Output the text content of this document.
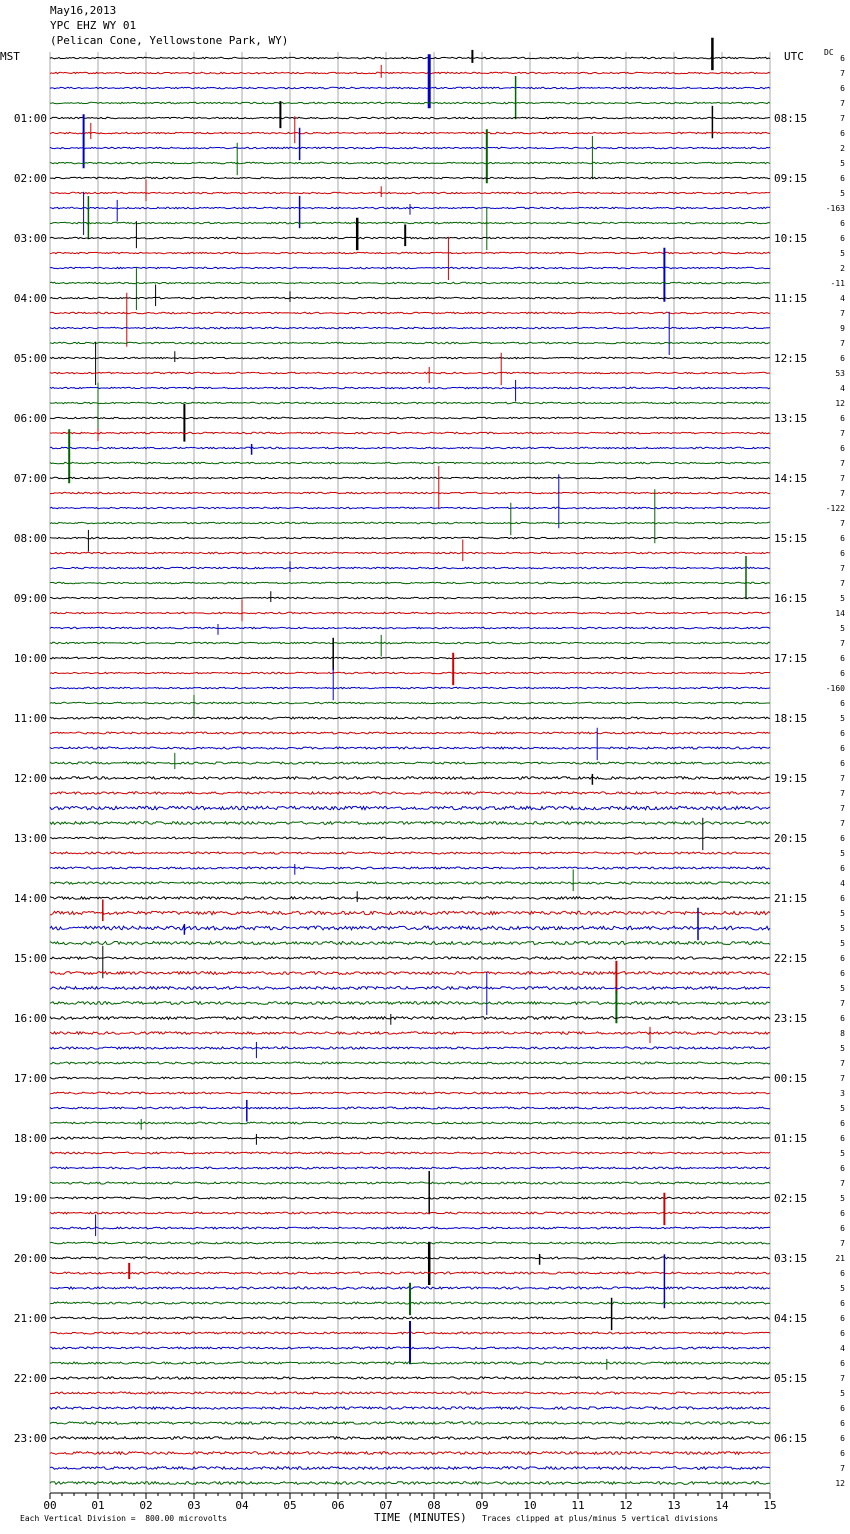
00	01	02	03	04	05	06	07	08	09	10	11	12	13	14	15
01:00
02:00
03:00
04:00
05:00
06:00
07:00
08:00
09:00
10:00
11:00
12:00
13:00
14:00
15:00
16:00
17:00
18:00
19:00
20:00
21:00
22:00
23:00
08:15
09:15
10:15
11:15
12:15
13:15
14:15
15:15
16:15
17:15
18:15
19:15
20:15
21:15
22:15
23:15
00:15
01:15
02:15
03:15
04:15
05:15
06:15
6
7
6
7
7
6
2
5
6
5
-163
6
6
5
2
-11
4
7
9
7
6
53
4
12
6
7
6
7
7
7
-122
7
6
6
7
7
5
14
5
7
6
6
-160
6
5
6
6
6
7
7
7
7
6
5
6
4
6
5
5
5
6
6
5
7
6
8
5
7
7
3
5
6
6
5
6
7
5
6
6
7
21
6
5
6
6
6
4
6
7
5
6
6
6
6
7
12
May16,2013
YPC EHZ WY 01
(Pelican Cone, Yellowstone Park, WY)
MST	UTC	DC
Each Vertical Division =  800.00 microvolts	TIME (MINUTES) Traces clipped at plus/minus 5 vertical divisions
